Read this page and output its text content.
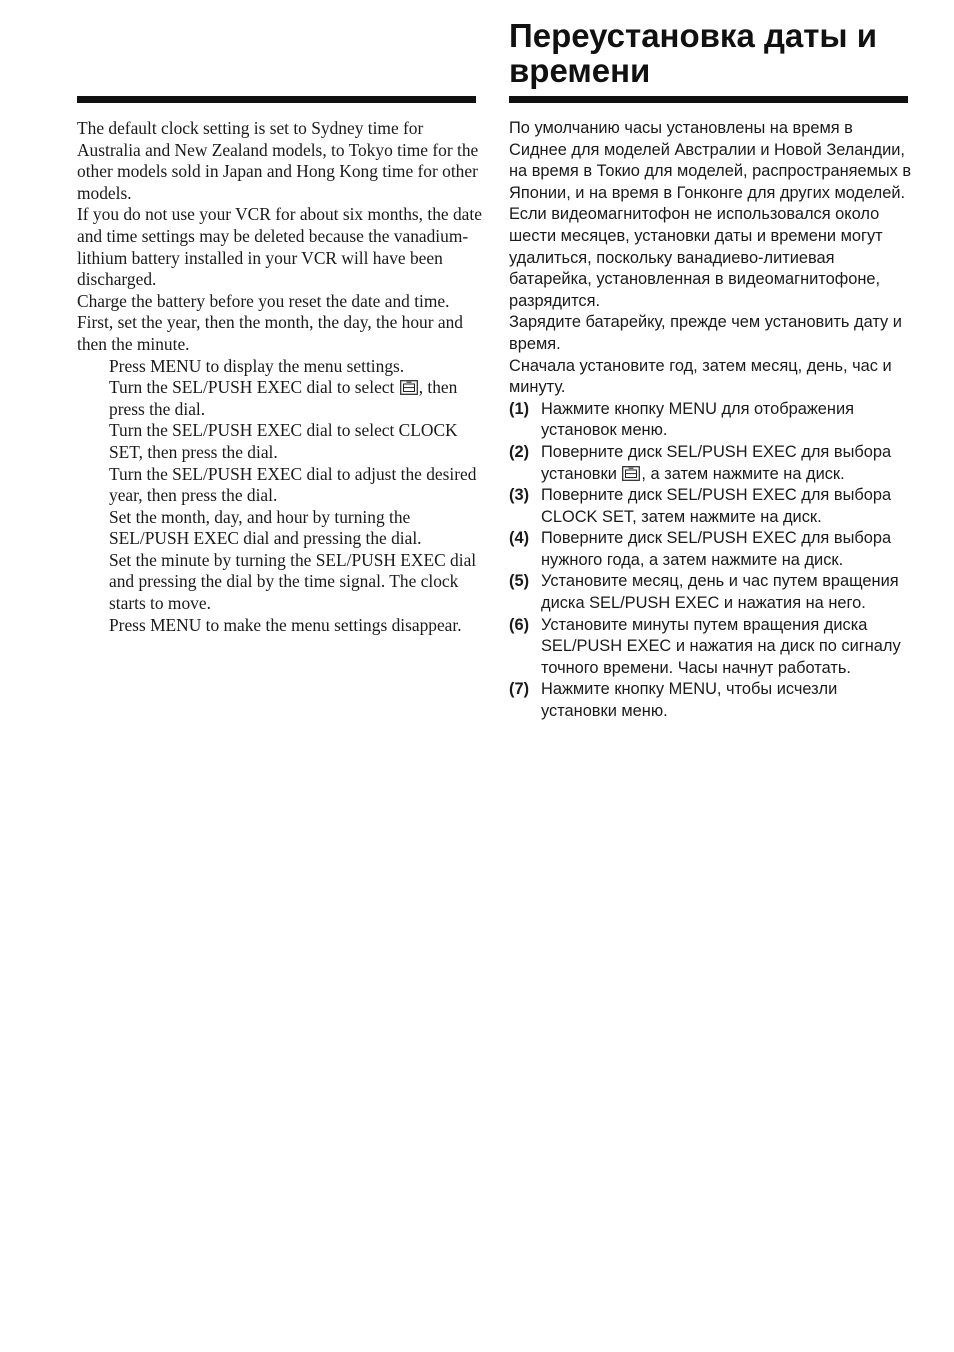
Переустановка даты и времени

The default clock setting is set to Sydney time for Australia and New Zealand models, to Tokyo time for the other models sold in Japan and Hong Kong time for other models.

If you do not use your VCR for about six months, the date and time settings may be deleted because the vanadium-lithium battery installed in your VCR will have been discharged.

Charge the battery before you reset the date and time.

First, set the year, then the month, the day, the hour and then the minute.

Press MENU to display the menu settings.
Turn the SEL/PUSH EXEC dial to select , then press the dial.
Turn the SEL/PUSH EXEC dial to select CLOCK SET, then press the dial.
Turn the SEL/PUSH EXEC dial to adjust the desired year, then press the dial.
Set the month, day, and hour by turning the SEL/PUSH EXEC dial and pressing the dial.
Set the minute by turning the SEL/PUSH EXEC dial and pressing the dial by the time signal. The clock starts to move.
Press MENU to make the menu settings disappear.

По умолчанию часы установлены на время в Сиднее для моделей Австралии и Новой Зеландии, на время в Токио для моделей, распространяемых в Японии, и на время в Гонконге для других моделей.

Если видеомагнитофон не использовался около шести месяцев, установки даты и времени могут удалиться, поскольку ванадиево-литиевая батарейка, установленная в видеомагнитофоне, разрядится.

Зарядите батарейку, прежде чем установить дату и время.

Сначала установите год, затем месяц, день, час и минуту.

(1) Нажмите кнопку MENU для отображения установок меню.
(2) Поверните диск SEL/PUSH EXEC для выбора установки , а затем нажмите на диск.
(3) Поверните диск SEL/PUSH EXEC для выбора CLOCK SET, затем нажмите на диск.
(4) Поверните диск SEL/PUSH EXEC для выбора нужного года, а затем нажмите на диск.
(5) Установите месяц, день и час путем вращения диска SEL/PUSH EXEC и нажатия на него.
(6) Установите минуты путем вращения диска SEL/PUSH EXEC и нажатия на диск по сигналу точного времени. Часы начнут работать.
(7) Нажмите кнопку MENU, чтобы исчезли установки меню.
